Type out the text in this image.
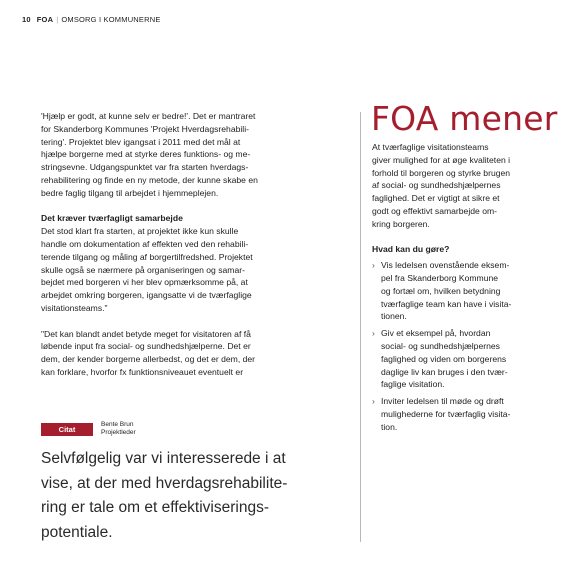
10 FOA | OMSORG I KOMMUNERNE

'Hjælp er godt, at kunne selv er bedre!'. Det er mantraret
for Skanderborg Kommunes 'Projekt Hverdagsrehabili-
tering'. Projektet blev igangsat i 2011 med det mål at
hjælpe borgerne med at styrke deres funktions- og me-
stringsevne. Udgangspunktet var fra starten hverdags-
rehabilitering og finde en ny metode, der kunne skabe en
bedre faglig tilgang til arbejdet i hjemmeplejen.

Det kræver tværfagligt samarbejde

Det stod klart fra starten, at projektet ikke kun skulle
handle om dokumentation af effekten ved den rehabili-
terende tilgang og måling af borgertilfredshed. Projektet
skulle også se nærmere på organiseringen og samar-
bejdet med borgeren vi her blev opmærksomme på, at
arbejdet omkring borgeren, igangsatte vi de tværfaglige
visitationsteams."

"Det kan blandt andet betyde meget for visitatoren af få
løbende input fra social- og sundhedshjælperne. Det er
dem, der kender borgerne allerbedst, og det er dem, der
kan forklare, hvorfor fx funktionsniveauet eventuelt er

Citat
Bente Brun
Projektleder
Selvfølgelig var vi interesserede i at
vise, at der med hverdagsrehabilite-
ring er tale om et effektiviserings-
potentiale.
FOA mener

At tværfaglige visitationsteams
giver mulighed for at øge kvaliteten i
forhold til borgeren og styrke brugen
af social- og sundhedshjælpernes
faglighed. Det er vigtigt at sikre et
godt og effektivt samarbejde om-
kring borgeren.

Hvad kan du gøre?
› Vis ledelsen ovenstående eksem-
pel fra Skanderborg Kommune
og fortæl om, hvilken betydning
tværfaglige team kan have i visita-
tionen.
› Giv et eksempel på, hvordan
social- og sundhedshjælpernes
faglighed og viden om borgerens
daglige liv kan bruges i den tvær-
faglige visitation.
› Inviter ledelsen til møde og drøft
mulighederne for tværfaglig visita-
tion.
